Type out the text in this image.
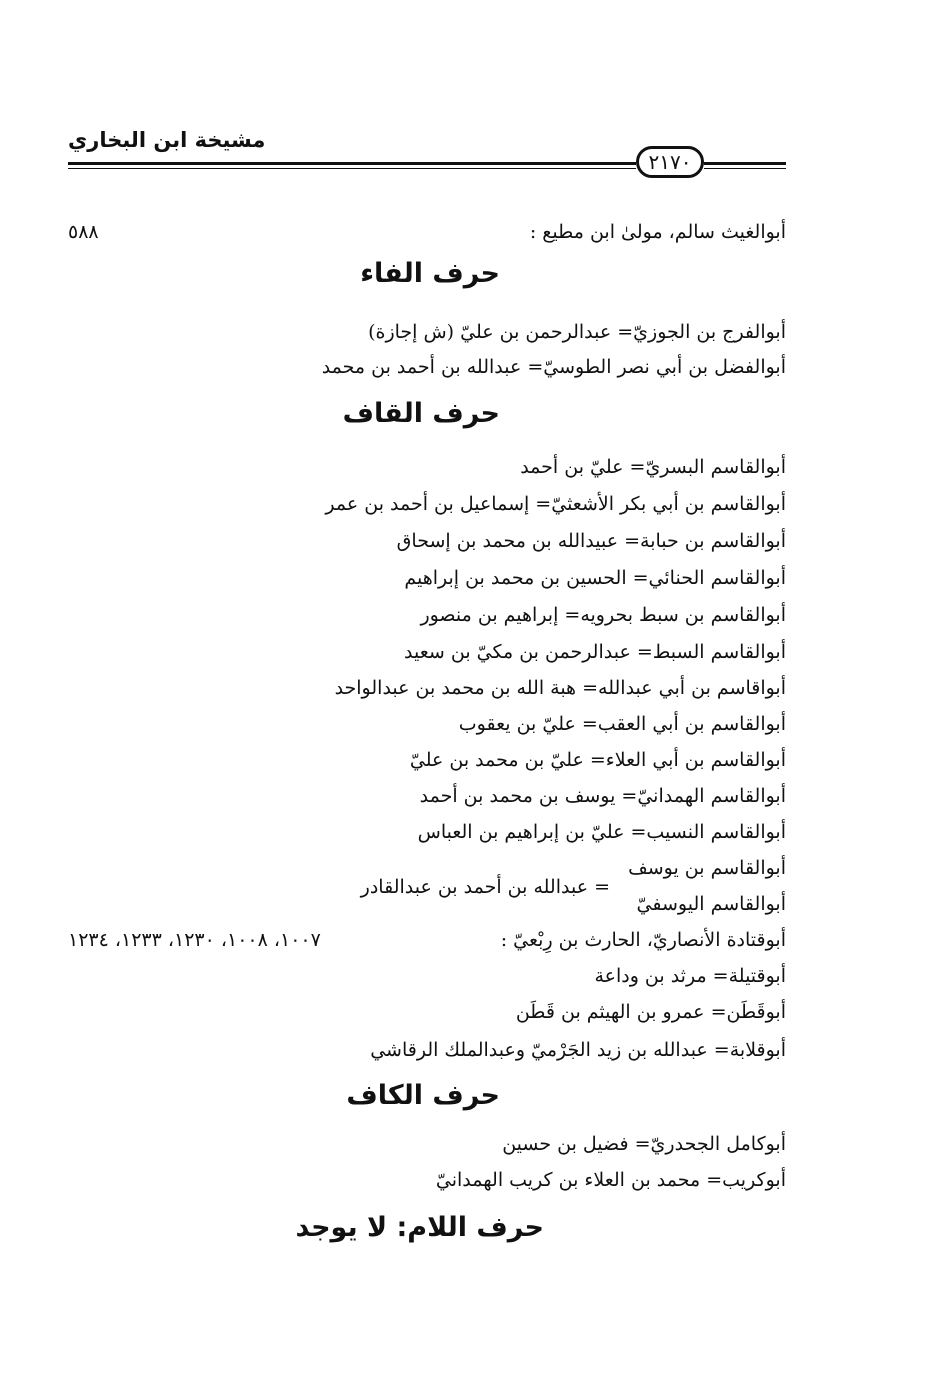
مشيخة ابن البخاري
٢١٧٠
أبوالغيث سالم، مولىٰ ابن مطيع :
٥٨٨
حرف الفاء
أبوالفرج بن الجوزيّ= عبدالرحمن بن عليّ (ش إجازة)
أبوالفضل بن أبي نصر الطوسيّ= عبدالله بن أحمد بن محمد
حرف القاف
أبوالقاسم البسريّ= عليّ بن أحمد
أبوالقاسم بن أبي بكر الأشعثيّ= إسماعيل بن أحمد بن عمر
أبوالقاسم بن حبابة= عبيدالله بن محمد بن إسحاق
أبوالقاسم الحنائي= الحسين بن محمد بن إبراهيم
أبوالقاسم بن سبط بحرويه= إبراهيم بن منصور
أبوالقاسم السبط= عبدالرحمن بن مكيّ بن سعيد
أبواقاسم بن أبي عبدالله= هبة الله بن محمد بن عبدالواحد
أبوالقاسم بن أبي العقب= عليّ بن يعقوب
أبوالقاسم بن أبي العلاء= عليّ بن محمد بن عليّ
أبوالقاسم الهمدانيّ= يوسف بن محمد بن أحمد
أبوالقاسم النسيب= عليّ بن إبراهيم بن العباس
أبوالقاسم بن يوسف
أبوالقاسم اليوسفيّ
= عبدالله بن أحمد بن عبدالقادر
أبوقتادة الأنصاريّ، الحارث بن رِبْعيّ :
١٠٠٧، ١٠٠٨، ١٢٣٠، ١٢٣٣، ١٢٣٤
أبوقتيلة= مرثد بن وداعة
أبوقَطَن= عمرو بن الهيثم بن قَطَن
أبوقلابة= عبدالله بن زيد الجَرْميّ وعبدالملك الرقاشي
حرف الكاف
أبوكامل الجحدريّ= فضيل بن حسين
أبوكريب= محمد بن العلاء بن كريب الهمدانيّ
حرف اللام: لا يوجد
